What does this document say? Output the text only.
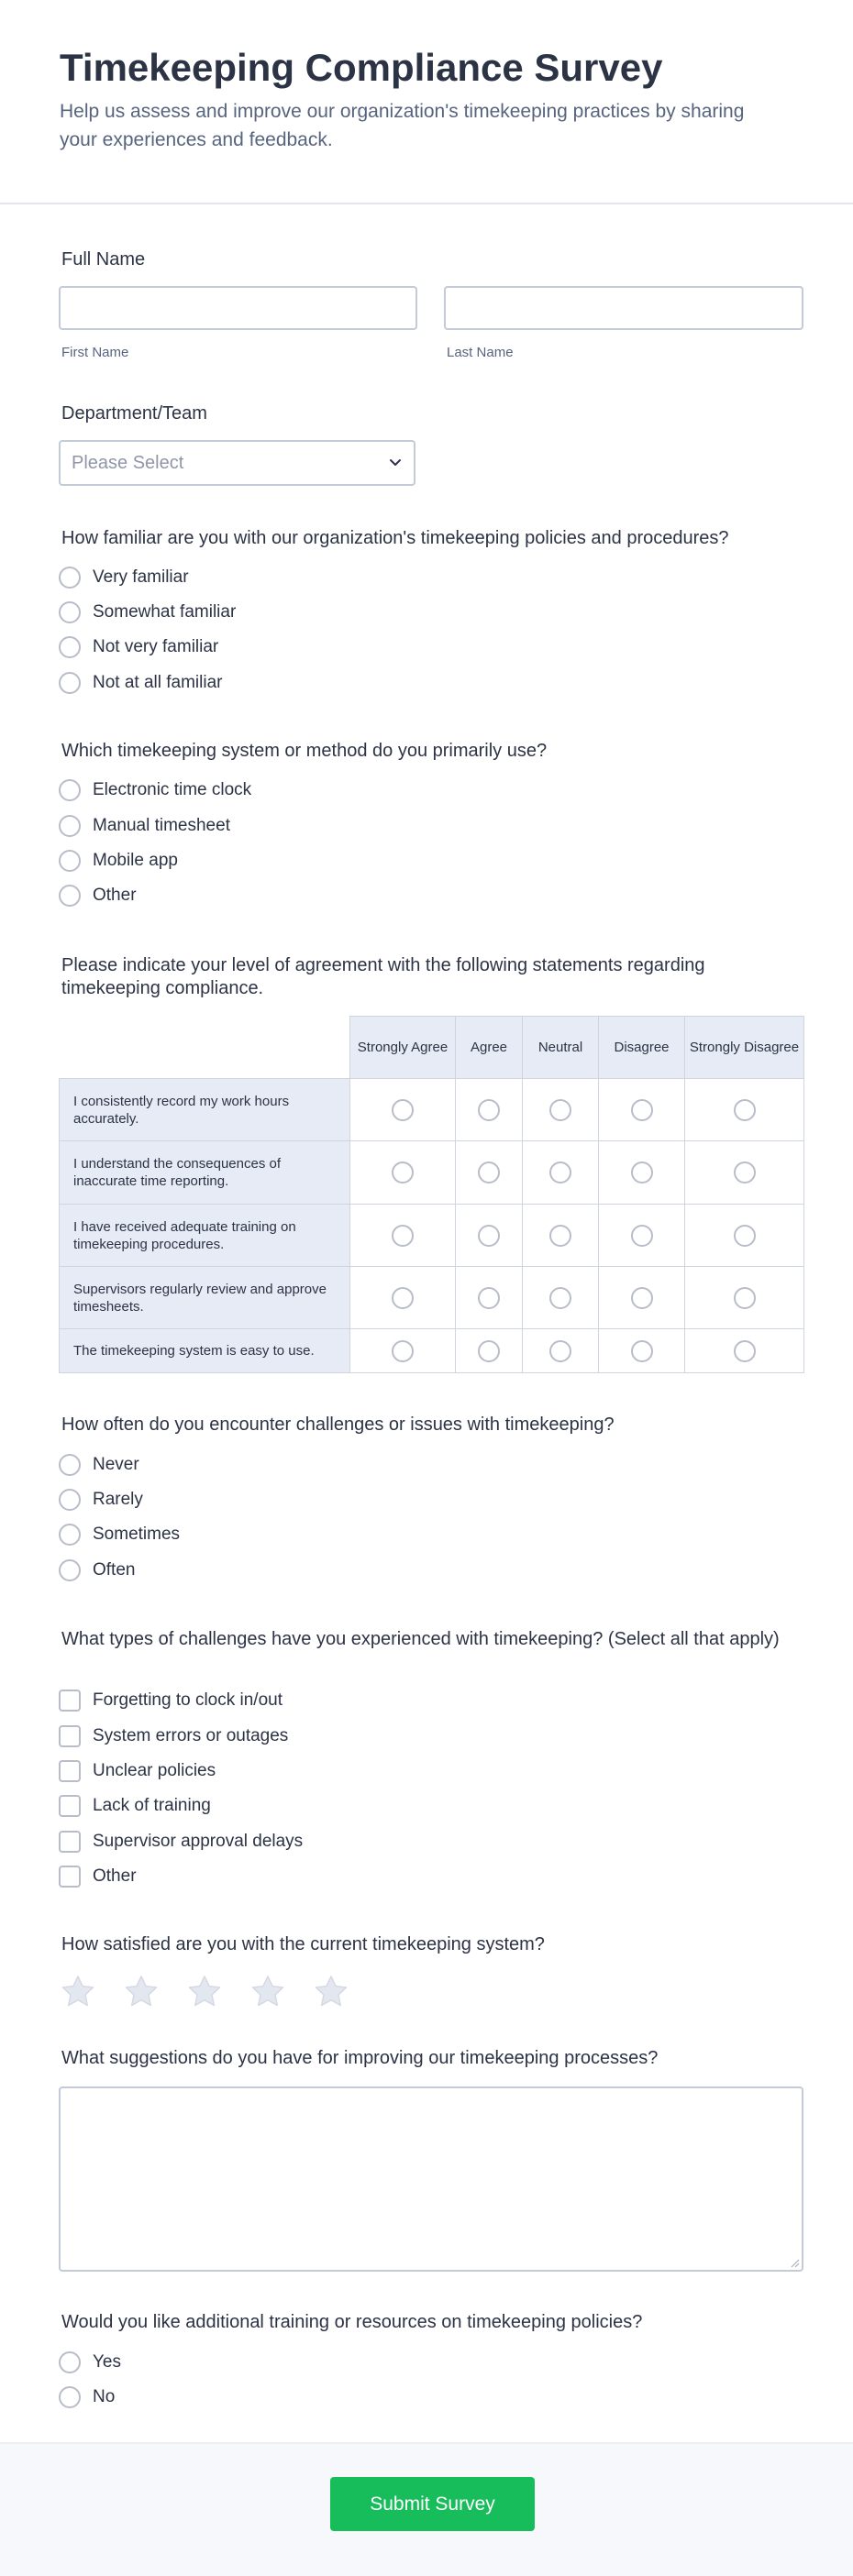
Timekeeping Compliance Survey

Help us assess and improve our organization's timekeeping practices by sharing your experiences and feedback.

Full Name
First Name	Last Name
Department/Team
Please Select
How familiar are you with our organization's timekeeping policies and procedures?
Very familiar
Somewhat familiar
Not very familiar
Not at all familiar
Which timekeeping system or method do you primarily use?
Electronic time clock
Manual timesheet
Mobile app
Other
Please indicate your level of agreement with the following statements regarding timekeeping compliance.
	Strongly Agree	Agree	Neutral	Disagree	Strongly Disagree
I consistently record my work hours accurately.					
I understand the consequences of inaccurate time reporting.					
I have received adequate training on timekeeping procedures.					
Supervisors regularly review and approve timesheets.					
The timekeeping system is easy to use.					
How often do you encounter challenges or issues with timekeeping?
Never
Rarely
Sometimes
Often
What types of challenges have you experienced with timekeeping? (Select all that apply)
Forgetting to clock in/out
System errors or outages
Unclear policies
Lack of training
Supervisor approval delays
Other
How satisfied are you with the current timekeeping system?
What suggestions do you have for improving our timekeeping processes?
Would you like additional training or resources on timekeeping policies?
Yes
No
Submit Survey
